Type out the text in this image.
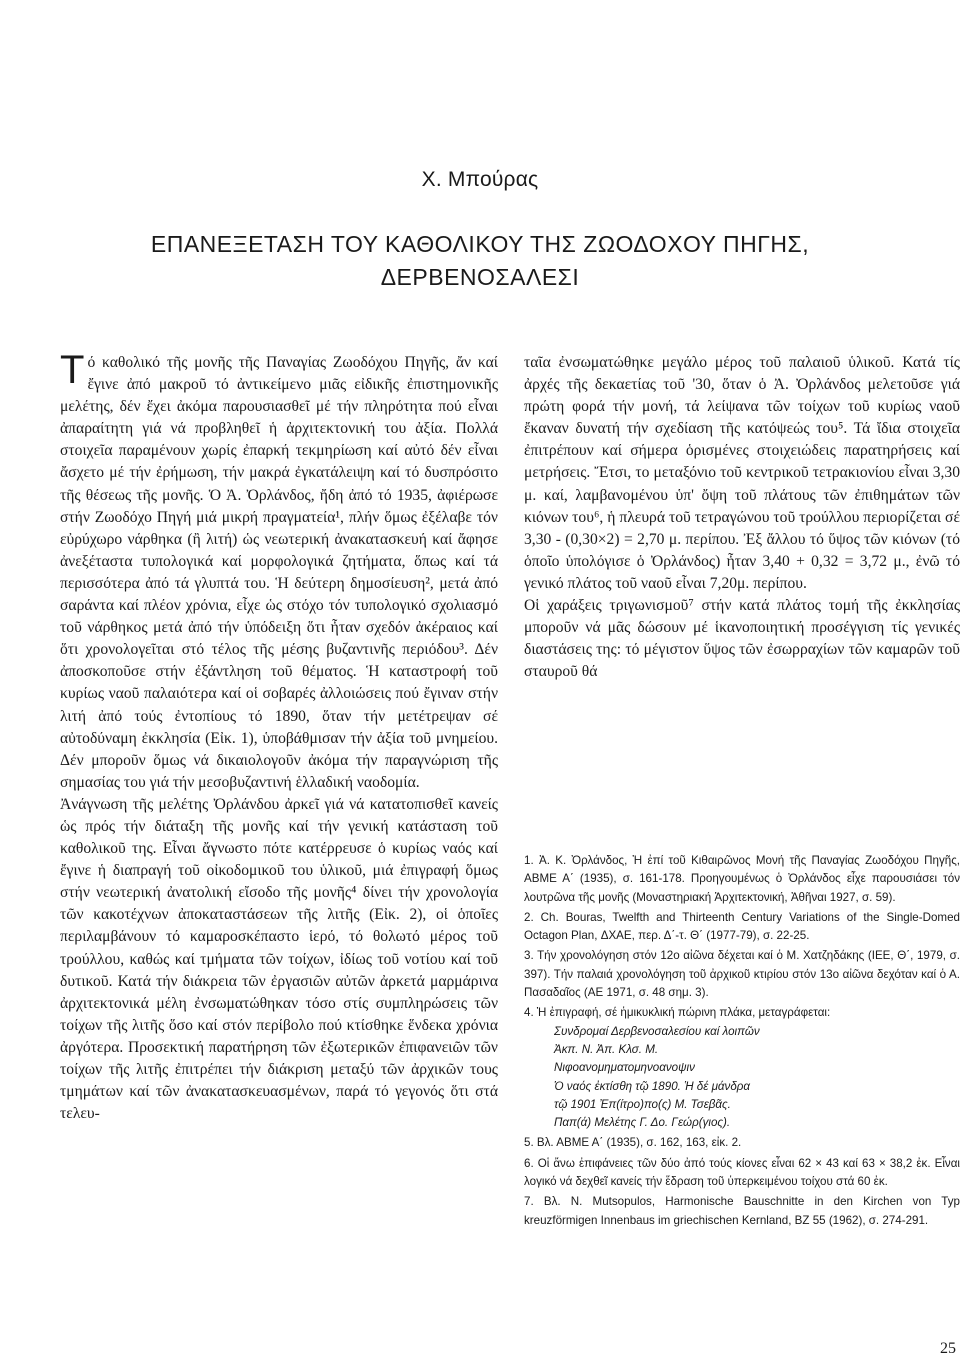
Χ. Μπούρας
ΕΠΑΝΕΞΕΤΑΣΗ ΤΟΥ ΚΑΘΟΛΙΚΟΥ ΤΗΣ ΖΩΟΔΟΧΟΥ ΠΗΓΗΣ,
ΔΕΡΒΕΝΟΣΑΛΕΣΙ

Τό καθολικό τῆς μονῆς τῆς Παναγίας Ζωοδόχου Πηγῆς, ἄν καί ἔγινε ἀπό μακροῦ τό ἀντικείμενο μιᾶς εἰδικῆς ἐπιστημονικῆς μελέτης, δέν ἔχει ἀκόμα παρουσιασθεῖ μέ τήν πληρότητα πού εἶναι ἀπαραίτητη γιά νά προβληθεῖ ἡ ἀρχιτεκτονική του ἀξία. Πολλά στοιχεῖα παραμένουν χωρίς ἐπαρκή τεκμηρίωση καί αὐτό δέν εἶναι ἄσχετο μέ τήν ἐρήμωση, τήν μακρά ἐγκατάλειψη καί τό δυσπρόσιτο τῆς θέσεως τῆς μονῆς. Ὁ Ἀ. Ὀρλάνδος, ἤδη ἀπό τό 1935, ἀφιέρωσε στήν Ζωοδόχο Πηγή μιά μικρή πραγματεία¹, πλήν ὅμως ἐξέλαβε τόν εὐρύχωρο νάρθηκα (ἢ λιτή) ὡς νεωτερική ἀνακατασκευή καί ἄφησε ἀνεξέταστα τυπολογικά καί μορφολογικά ζητήματα, ὅπως καί τά περισσότερα ἀπό τά γλυπτά του. Ἡ δεύτερη δημοσίευση², μετά ἀπό σαράντα καί πλέον χρόνια, εἶχε ὡς στόχο τόν τυπολογικό σχολιασμό τοῦ νάρθηκος μετά ἀπό τήν ὑπόδειξη ὅτι ἦταν σχεδόν ἀκέραιος καί ὅτι χρονολογεῖται στό τέλος τῆς μέσης βυζαντινῆς περιόδου³. Δέν ἀποσκοποῦσε στήν ἐξάντληση τοῦ θέματος. Ἡ καταστροφή τοῦ κυρίως ναοῦ παλαιότερα καί οἱ σοβαρές ἀλλοιώσεις πού ἔγιναν στήν λιτή ἀπό τούς ἐντοπίους τό 1890, ὅταν τήν μετέτρεψαν σέ αὐτοδύναμη ἐκκλησία (Εἰκ. 1), ὑποβάθμισαν τήν ἀξία τοῦ μνημείου. Δέν μποροῦν ὅμως νά δικαιολογοῦν ἀκόμα τήν παραγνώριση τῆς σημασίας του γιά τήν μεσοβυζαντινή ἑλλαδική ναοδομία.

Ἀνάγνωση τῆς μελέτης Ὀρλάνδου ἀρκεῖ γιά νά κατατοπισθεῖ κανείς ὡς πρός τήν διάταξη τῆς μονῆς καί τήν γενική κατάσταση τοῦ καθολικοῦ της. Εἶναι ἄγνωστο πότε κατέρρευσε ὁ κυρίως ναός καί ἔγινε ἡ διαπραγή τοῦ οἰκοδομικοῦ του ὑλικοῦ, μιά ἐπιγραφή ὅμως στήν νεωτερική ἀνατολική εἴσοδο τῆς μονῆς⁴ δίνει τήν χρονολογία τῶν κακοτέχνων ἀποκαταστάσεων τῆς λιτῆς (Εἰκ. 2), οἱ ὁποῖες περιλαμβάνουν τό καμαροσκέπαστο ἱερό, τό θολωτό μέρος τοῦ τρούλλου, καθώς καί τμήματα τῶν τοίχων, ἰδίως τοῦ νοτίου καί τοῦ δυτικοῦ. Κατά τήν διάκρεια τῶν ἐργασιῶν αὐτῶν ἀρκετά μαρμάρινα ἀρχιτεκτονικά μέλη ἐνσωματώθηκαν τόσο στίς συμπληρώσεις τῶν τοίχων τῆς λιτῆς ὅσο καί στόν περίβολο πού κτίσθηκε ἕνδεκα χρόνια ἀργότερα. Προσεκτική παρατήρηση τῶν ἐξωτερικῶν ἐπιφανειῶν τῶν τοίχων τῆς λιτῆς ἐπιτρέπει τήν διάκριση μεταξύ τῶν ἀρχικῶν τους τμημάτων καί τῶν ἀνακατασκευασμένων, παρά τό γεγονός ὅτι στά τελευ-

ταῖα ἐνσωματώθηκε μεγάλο μέρος τοῦ παλαιοῦ ὑλικοῦ. Κατά τίς ἀρχές τῆς δεκαετίας τοῦ '30, ὅταν ὁ Ἀ. Ὀρλάνδος μελετοῦσε γιά πρώτη φορά τήν μονή, τά λείψανα τῶν τοίχων τοῦ κυρίως ναοῦ ἔκαναν δυνατή τήν σχεδίαση τῆς κατόψεώς του⁵. Τά ἴδια στοιχεῖα ἐπιτρέπουν καί σήμερα ὁρισμένες στοιχειώδεις παρατηρήσεις καί μετρήσεις. Ἔτσι, το μεταξόνιο τοῦ κεντρικοῦ τετρακιονίου εἶναι 3,30 μ. καί, λαμβανομένου ὑπ' ὄψη τοῦ πλάτους τῶν ἐπιθημάτων τῶν κιόνων του⁶, ἡ πλευρά τοῦ τετραγώνου τοῦ τρούλλου περιορίζεται σέ 3,30 - (0,30×2) = 2,70 μ. περίπου. Ἐξ ἄλλου τό ὕψος τῶν κιόνων (τό ὁποῖο ὑπολόγισε ὁ Ὀρλάνδος) ἦταν 3,40 + 0,32 = 3,72 μ., ἐνῶ τό γενικό πλάτος τοῦ ναοῦ εἶναι 7,20μ. περίπου.

Οἱ χαράξεις τριγωνισμοῦ⁷ στήν κατά πλάτος τομή τῆς ἐκκλησίας μποροῦν νά μᾶς δώσουν μέ ἱκανοποιητική προσέγγιση τίς γενικές διαστάσεις της: τό μέγιστον ὕψος τῶν ἐσωρραχίων τῶν καμαρῶν τοῦ σταυροῦ θά

1. Ἀ. Κ. Ὀρλάνδος, Ἡ ἐπί τοῦ Κιθαιρῶνος Μονή τῆς Παναγίας Ζωοδόχου Πηγῆς, ΑΒΜΕ Α΄ (1935), σ. 161-178. Προηγουμένως ὁ Ὀρλάνδος εἶχε παρουσιάσει τόν λουτρῶνα τῆς μονῆς (Μοναστηριακή Ἀρχιτεκτονική, Ἀθῆναι 1927, σ. 59).

2. Ch. Bouras, Twelfth and Thirteenth Century Variations of the Single-Domed Octagon Plan, ΔΧΑΕ, περ. Δ΄-τ. Θ΄ (1977-79), σ. 22-25.

3. Τήν χρονολόγηση στόν 12ο αἰῶνα δέχεται καί ὁ Μ. Χατζηδάκης (ΙΕΕ, Θ΄, 1979, σ. 397). Τήν παλαιά χρονολόγηση τοῦ ἀρχικοῦ κτιρίου στόν 13ο αἰῶνα δεχόταν καί ὁ Α. Πασαδαῖος (ΑΕ 1971, σ. 48 σημ. 3).

4. Ἡ ἐπιγραφή, σέ ἡμικυκλική πώρινη πλάκα, μεταγράφεται:
Συνδρομαί Δερβενοσαλεσίου καί λοιπῶν
Ἀκπ. Ν. Ἀπ. Κλσ. Μ.
Νιφοανομηματομηνοανοψιν
Ὁ ναός ἐκτίσθη τῷ 1890. Ἡ δέ μάνδρα
τῷ 1901 Ἐπ(ίτρο)πο(ς) Μ. Τσεβᾶς.
Παπ(ά) Μελέτης Γ. Δο. Γεώρ(γιος).

5. Βλ. ΑΒΜΕ Α΄ (1935), σ. 162, 163, εἰκ. 2.

6. Οἱ ἄνω ἐπιφάνειες τῶν δύο ἀπό τούς κίονες εἶναι 62 × 43 καί 63 × 38,2 ἐκ. Εἶναι λογικό νά δεχθεῖ κανείς τήν ἕδραση τοῦ ὑπερκειμένου τοίχου στά 60 ἐκ.

7. Βλ. Ν. Mutsopulos, Harmonische Bauschnitte in den Kirchen von Typ kreuzförmigen Innenbaus im griechischen Kernland, BZ 55 (1962), σ. 274-291.

25
